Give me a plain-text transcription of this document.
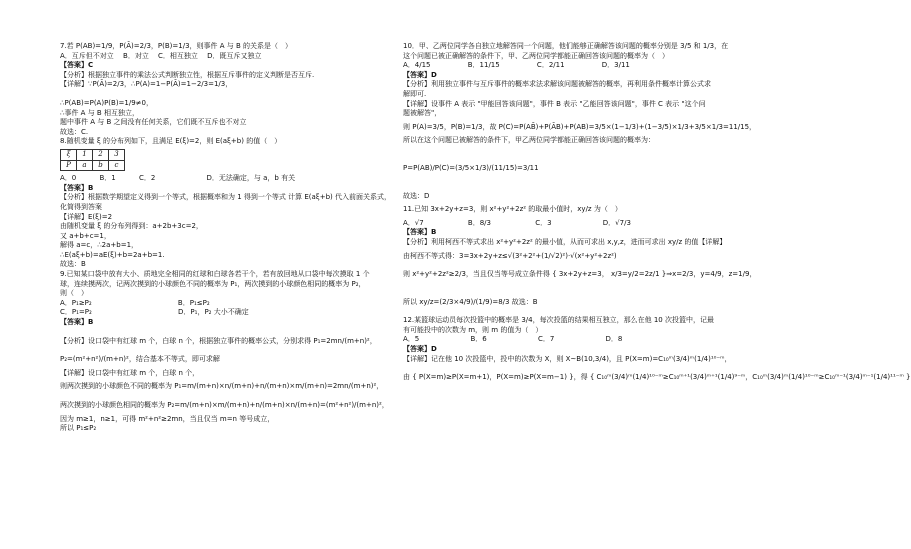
7.若 P(AB)=1/9，P(Ā)=2/3，P(B)=1/3，则事件 A 与 B 的关系是（　）
A．互斥但不对立　 B．对立　 C．相互独立　 D．既互斥又独立
【答案】C
【分析】根据独立事件的乘法公式判断独立性，根据互斥事件的定义判断是否互斥.
【详解】∵P(Ā)=2/3，∴P(A)=1−P(Ā)=1−2/3=1/3，
∴P(AB)=P(A)P(B)=1/9≠0，
∴事件 A 与 B 相互独立，
题中事件 A 与 B 之间没有任何关系，它们既不互斥也不对立
故选：C.
8.随机变量 ξ 的分布列如下，且满足 E(ξ)=2，则 E(aξ+b) 的值（　）
ξ	1	2	3
P	a	b	c
A．0　　　 B．1　　　 C．2　　　　　　　 D．无法确定，与 a，b 有关
【答案】B
【分析】根据数学期望定义得到一个等式，根据概率和为 1 得到一个等式 计算 E(aξ+b) 代入前面关系式，
化简得到答案
【详解】E(ξ)=2
由随机变量 ξ 的分布列得到：a+2b+3c=2，
又 a+b+c=1，
解得 a=c，∴2a+b=1，
∴E(aξ+b)=aE(ξ)+b=2a+b=1.
故选：B
9.已知某口袋中放有大小、质地完全相同的红球和白球各若干个，若有放回地从口袋中每次摸取 1 个
球，连续摸两次，记两次摸到的小球颜色不同的概率为 P₁，两次摸到的小球颜色相同的概率为 P₂，
则（　）
A．P₁≥P₂　　　　　　　　　　　　 B．P₁≤P₂
C．P₁=P₂　　　　　　　　　　　　 D．P₁，P₂ 大小不确定
【答案】B
【分析】设口袋中有红球 m 个，白球 n 个，根据独立事件的概率公式，分别求得 P₁=2mn/(m+n)²，
P₂=(m²+n²)/(m+n)²，结合基本不等式，即可求解
【详解】设口袋中有红球 m 个，白球 n 个，
则两次摸到的小球颜色不同的概率为 P₁=m/(m+n)×n/(m+n)+n/(m+n)×m/(m+n)=2mn/(m+n)²，
两次摸到的小球颜色相同的概率为 P₂=m/(m+n)×m/(m+n)+n/(m+n)×n/(m+n)=(m²+n²)/(m+n)²，
因为 m≥1，n≥1，可得 m²+n²≥2mn，当且仅当 m=n 等号成立，
所以 P₁≤P₂
10．甲、乙两位同学各自独立地解答同一个问题，他们能够正确解答该问题的概率分别是 3/5 和 1/3，在
这个问题已被正确解答的条件下，甲、乙两位同学都能正确回答该问题的概率为（　）
A．4/15　　　　　 B．11/15　　　　　 C．2/11　　　　　 D．3/11
【答案】D
【分析】利用独立事件与互斥事件的概率求法求解该问题被解答的概率，再利用条件概率计算公式求
解即可.
【详解】设事件 A 表示 "甲能回答该问题"，事件 B 表示 "乙能回答该问题"，事件 C 表示 "这个问
题被解答"，
则 P(A)=3/5，P(B)=1/3，故 P(C)=P(AB̄)+P(ĀB)+P(AB)=3/5×(1−1/3)+(1−3/5)×1/3+3/5×1/3=11/15，
所以在这个问题已被解答的条件下，甲乙两位同学都能正确回答该问题的概率为：
P=P(AB)/P(C)=(3/5×1/3)/(11/15)=3/11
故选：D
11.已知 3x+2y+z=3，则 x²+y²+2z² 的取最小值时，xy/z 为（　）
A．√7　　　　　　 B．8/3　　　　　　 C．3　　　　　　　 D．√7/3
【答案】B
【分析】利用柯西不等式求出 x²+y²+2z² 的最小值，从而可求出 x,y,z，进而可求出 xy/z 的值【详解】
由柯西不等式得：3=3x+2y+z≤√(3²+2²+(1/√2)²)·√(x²+y²+2z²)
则 x²+y²+2z²≥2/3，当且仅当等号成立条件得 { 3x+2y+z=3， x/3=y/2=2z/1 }⇒x=2/3，y=4/9，z=1/9，
所以 xy/z=(2/3×4/9)/(1/9)=8/3 故选：B
12.某篮球运动员每次投篮中的概率是 3/4，每次投篮的结果相互独立，那么在他 10 次投篮中，记最
有可能投中的次数为 m，则 m 的值为（　）
A．5　　　　　　　 B．6　　　　　　　 C．7　　　　　　　 D．8
【答案】D
【详解】记在他 10 次投篮中，投中的次数为 X，则 X~B(10,3/4)，且 P(X=m)=C₁₀ᵐ(3/4)ᵐ(1/4)¹⁰⁻ᵐ，
由 { P(X=m)≥P(X=m+1)，P(X=m)≥P(X=m−1) }，得 { C₁₀ᵐ(3/4)ᵐ(1/4)¹⁰⁻ᵐ≥C₁₀ᵐ⁺¹(3/4)ᵐ⁺¹(1/4)⁹⁻ᵐ，C₁₀ᵐ(3/4)ᵐ(1/4)¹⁰⁻ᵐ≥C₁₀ᵐ⁻¹(3/4)ᵐ⁻¹(1/4)¹¹⁻ᵐ }
